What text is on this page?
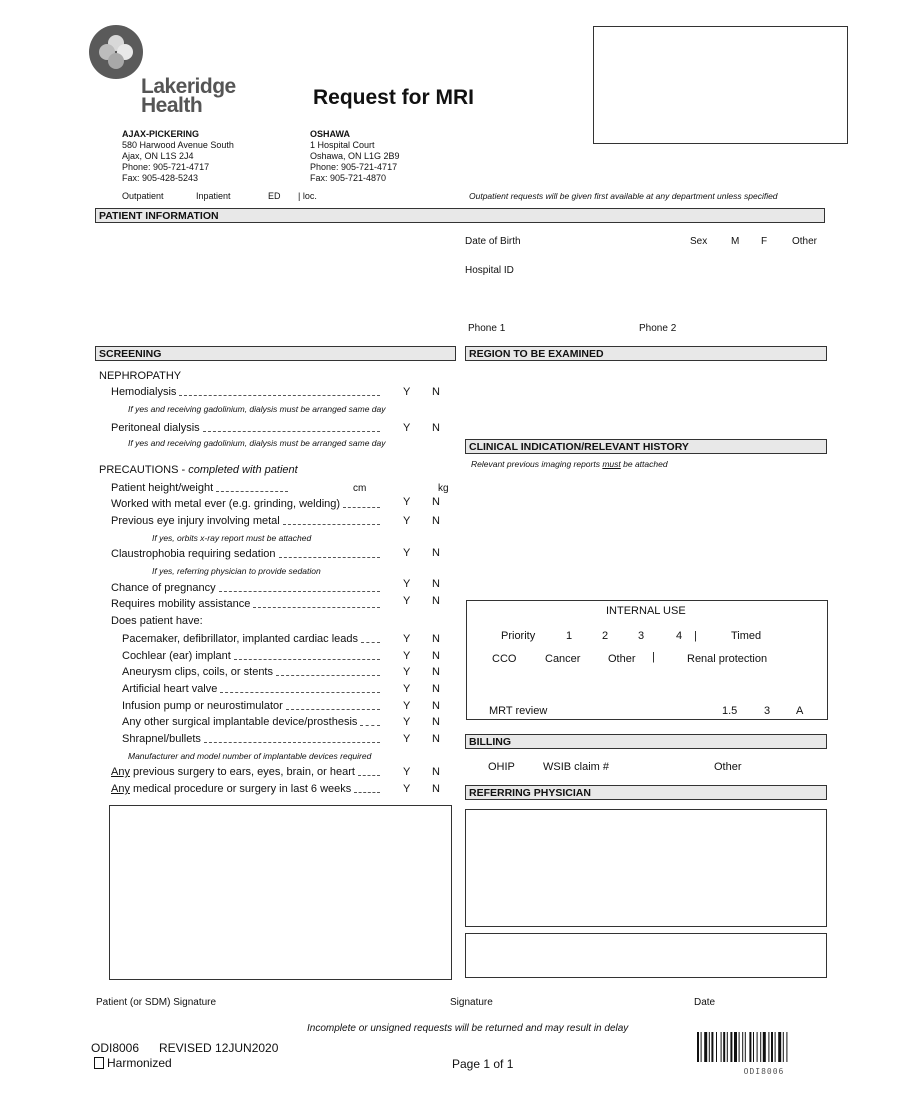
Lakeridge
Health	Request for MRI
AJAX-PICKERING
580 Harwood Avenue South
Ajax, ON L1S 2J4
Phone: 905-721-4717
Fax: 905-428-5243
OSHAWA
1 Hospital Court
Oshawa, ON L1G 2B9
Phone: 905-721-4717
Fax: 905-721-4870
Outpatient	Inpatient	ED | loc.	Outpatient requests will be given first available at any department unless specified
PATIENT INFORMATION
Date of Birth	Sex M F Other
Hospital ID
Phone 1	Phone 2
SCREENING
NEPHROPATHY
Hemodialysis	Y N
If yes and receiving gadolinium, dialysis must be arranged same day
Peritoneal dialysis	Y N
If yes and receiving gadolinium, dialysis must be arranged same day
PRECAUTIONS - completed with patient
Patient height/weight	cm	kg
Worked with metal ever (e.g. grinding, welding)	Y N
Previous eye injury involving metal	Y N
If yes, orbits x-ray report must be attached
Claustrophobia requiring sedation	Y N
If yes, referring physician to provide sedation
Chance of pregnancy	Y N
Requires mobility assistance	Y N
Does patient have:
Pacemaker, defibrillator, implanted cardiac leads	Y N
Cochlear (ear) implant	Y N
Aneurysm clips, coils, or stents	Y N
Artificial heart valve	Y N
Infusion pump or neurostimulator	Y N
Any other surgical implantable device/prosthesis	Y N
Shrapnel/bullets	Y N
Manufacturer and model number of implantable devices required
Any previous surgery to ears, eyes, brain, or heart	Y N
Any medical procedure or surgery in last 6 weeks	Y N
REGION TO BE EXAMINED
CLINICAL INDICATION/RELEVANT HISTORY
Relevant previous imaging reports must be attached
INTERNAL USE
Priority	1	2	3	4 |	Timed
CCO	Cancer	Other |	Renal protection
MRT review	1.5 3 A
BILLING
OHIP	WSIB claim #	Other
REFERRING PHYSICIAN
Patient (or SDM) Signature	Signature	Date
Incomplete or unsigned requests will be returned and may result in delay
ODI8006 REVISED 12JUN2020
Harmonized	Page 1 of 1
ODI8006
